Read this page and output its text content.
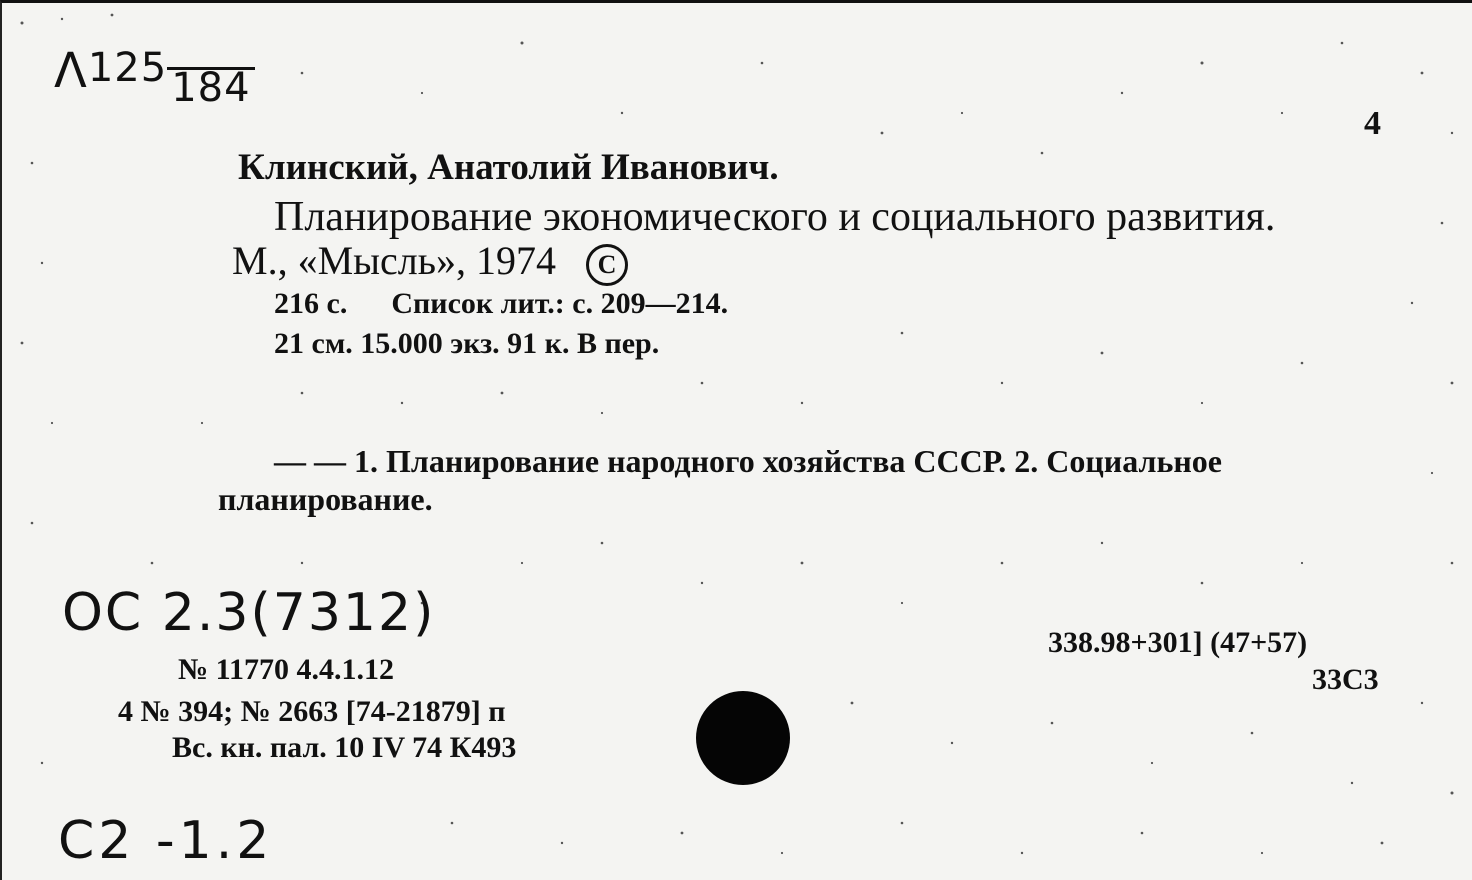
Λ125 184
4
Клинский, Анатолий Иванович.
Планирование экономического и социального развития.
М., «Мысль», 1974 C
216 с. Список лит.: с. 209—214.
21 см. 15.000 экз. 91 к. В пер.
— — 1. Планирование народного хозяйства СССР. 2. Социальное
планирование.
ОС 2.3(7312)
№ 11770 4.4.1.12
4 № 394; № 2663 [74-21879] п
Вс. кн. пал. 10 IV 74 К493
338.98+301] (47+57)
33С3
С2 -1.2
